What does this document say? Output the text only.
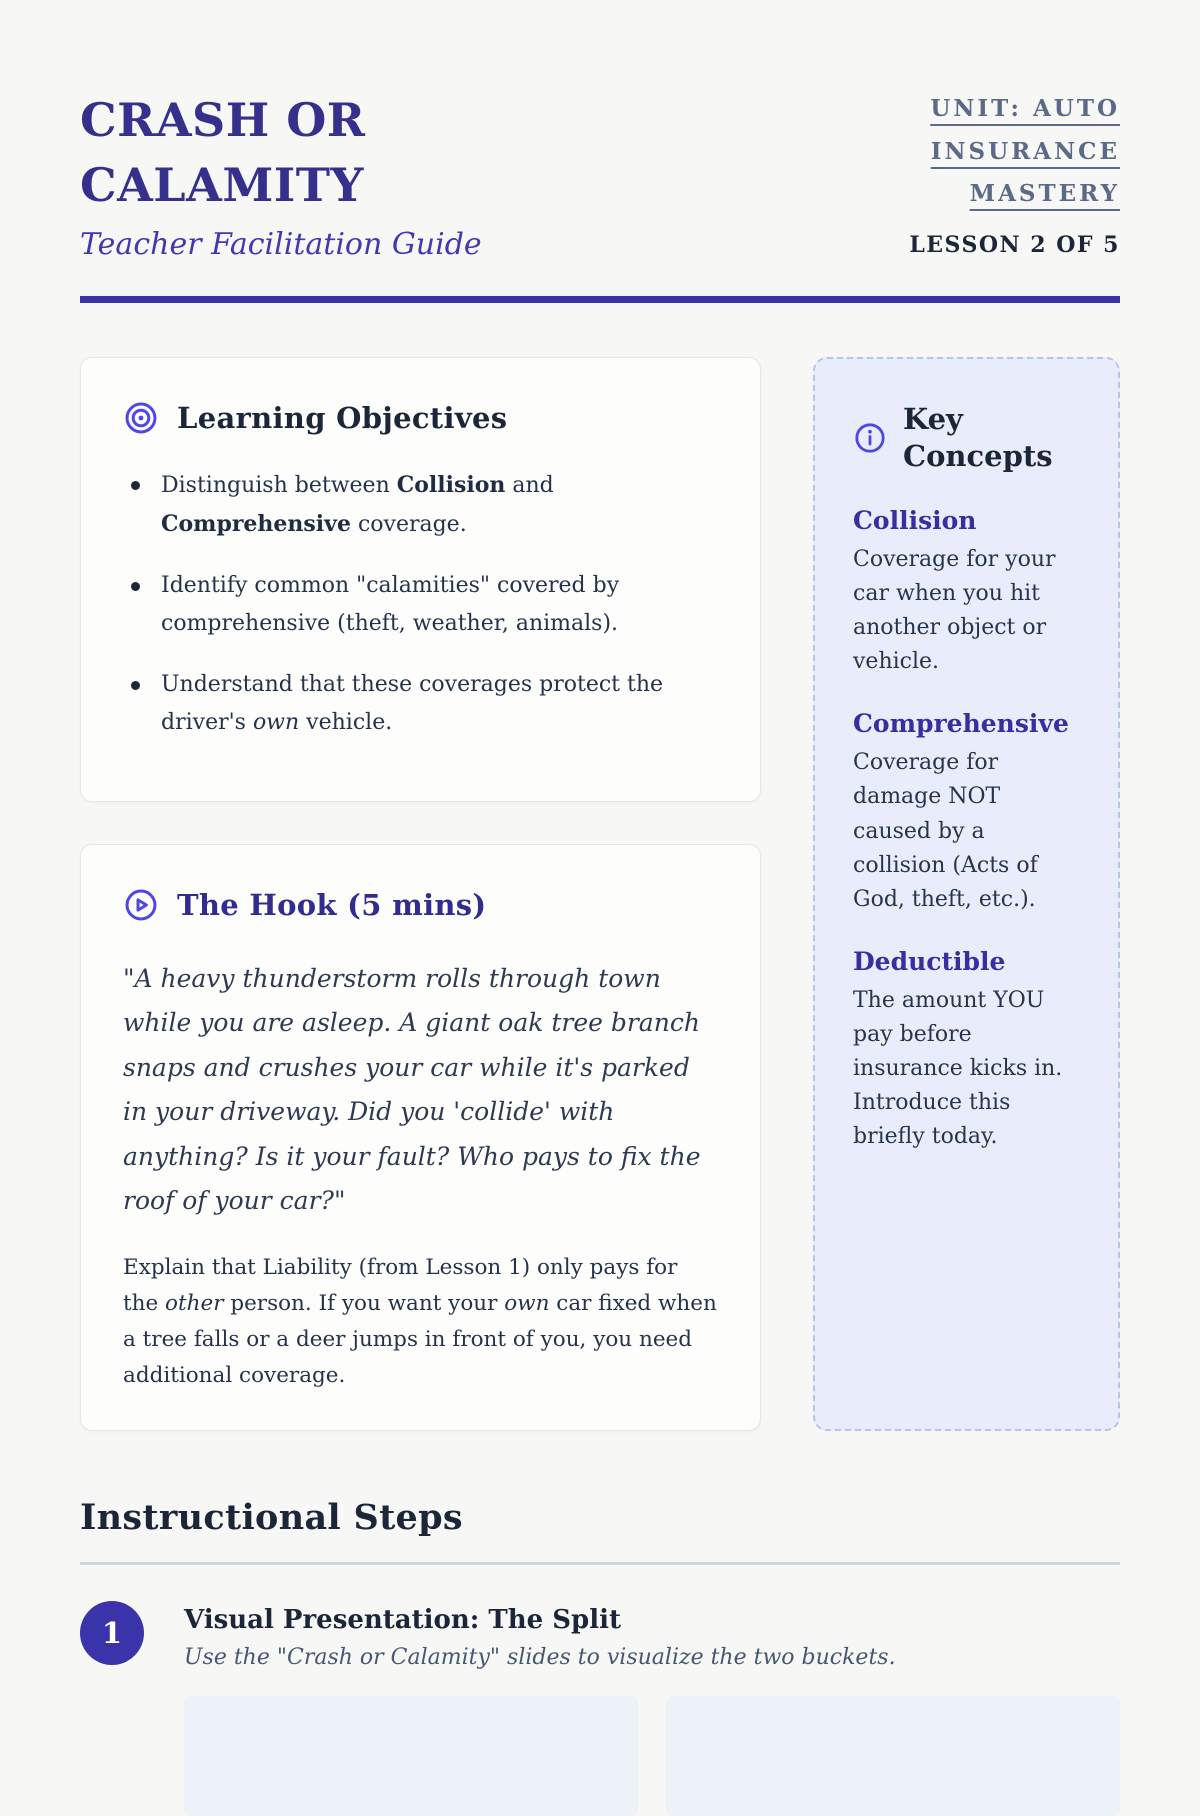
CRASH OR
CALAMITY
Teacher Facilitation Guide
UNIT: AUTO INSURANCE MASTERY
LESSON 2 OF 5
Learning Objectives
Distinguish between Collision and Comprehensive coverage.
Identify common "calamities" covered by comprehensive (theft, weather, animals).
Understand that these coverages protect the driver's own vehicle.
The Hook (5 mins)
"A heavy thunderstorm rolls through town while you are asleep. A giant oak tree branch snaps and crushes your car while it's parked in your driveway. Did you 'collide' with anything? Is it your fault? Who pays to fix the roof of your car?"
Explain that Liability (from Lesson 1) only pays for the other person. If you want your own car fixed when a tree falls or a deer jumps in front of you, you need additional coverage.
Key Concepts
Collision
Coverage for your car when you hit another object or vehicle.
Comprehensive
Coverage for damage NOT caused by a collision (Acts of God, theft, etc.).
Deductible
The amount YOU pay before insurance kicks in. Introduce this briefly today.
Instructional Steps
1	Visual Presentation: The Split
Use the "Crash or Calamity" slides to visualize the two buckets.
